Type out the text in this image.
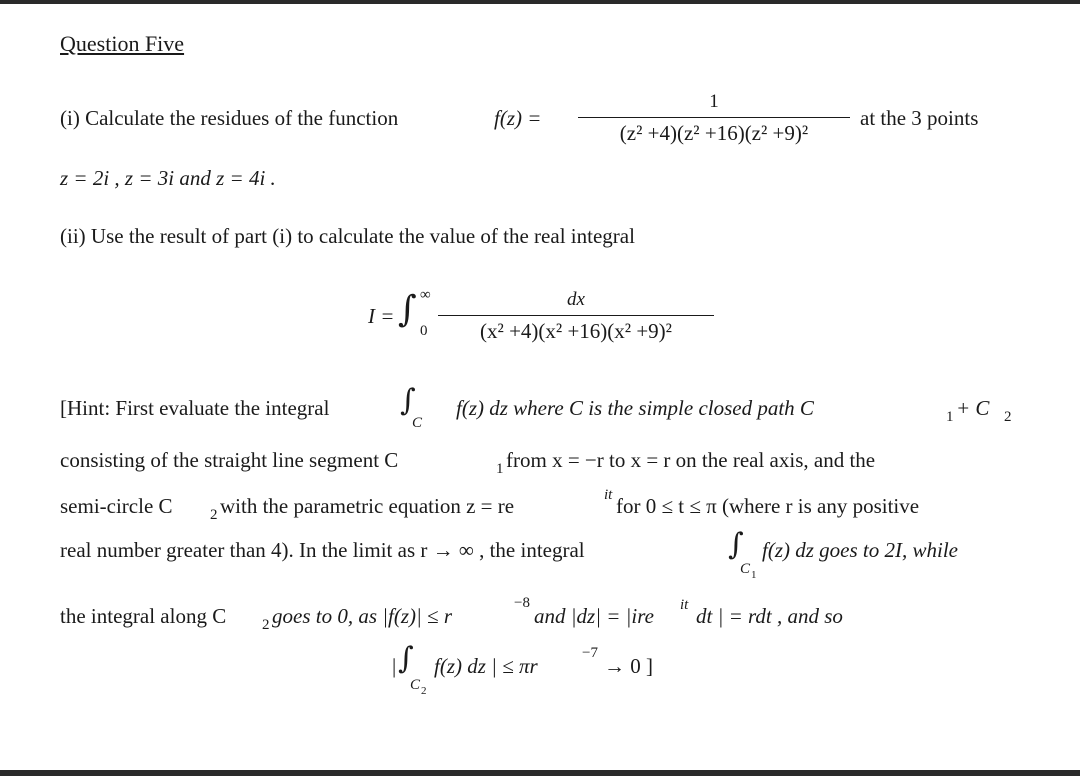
Question Five
(i) Calculate the residues of the function	f(z) =
1
(z² +4)(z² +16)(z² +9)²
at the 3 points
z = 2i , z = 3i and z = 4i .
(ii) Use the result of part (i) to calculate the value of the real integral
I = ∫ ∞
0
dx
(x² +4)(x² +16)(x² +9)²
[Hint: First evaluate the integral ∫
C
f(z) dz where C is the simple closed path C	1 + C 2
consisting of the straight line segment C	1 from x = −r to x = r on the real axis, and the
semi-circle C 2 with the parametric equation z = re	it for 0 ≤ t ≤ π (where r is any positive
real number greater than 4). In the limit as r → ∞ , the integral	∫
C 1
f(z) dz goes to 2I, while
the integral along C 2 goes to 0, as |f(z)| ≤ r
−8
and |dz| = |ire it dt | = rdt , and so
| ∫
C 2
f(z) dz | ≤ πr
−7
→ 0 ]
